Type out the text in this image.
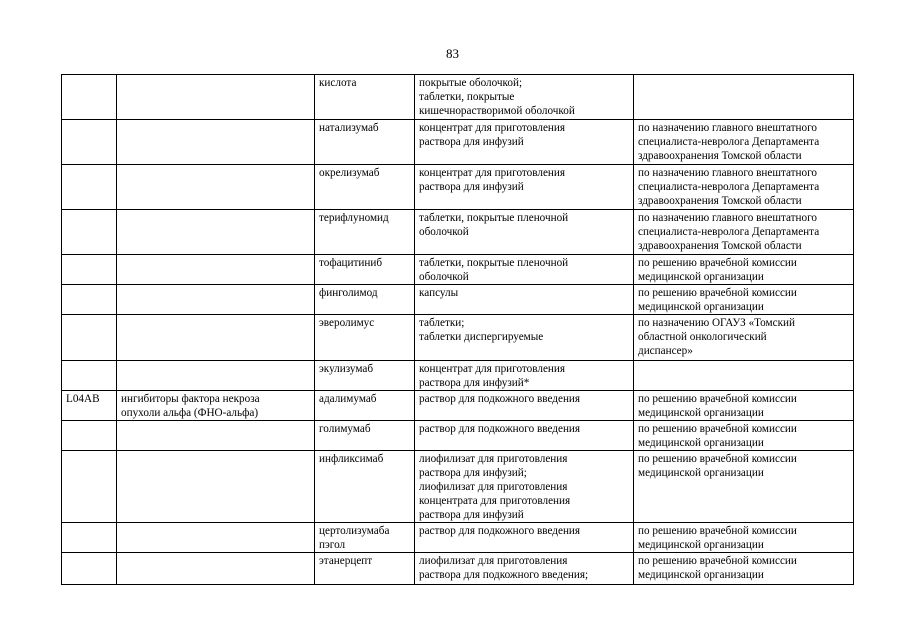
83

		кислота	покрытые оболочкой;
таблетки, покрытые
кишечнорастворимой оболочкой	

		натализумаб	концентрат для приготовления
раствора для инфузий	по назначению главного внештатного
специалиста-невролога Департамента
здравоохранения Томской области

		окрелизумаб	концентрат для приготовления
раствора для инфузий	по назначению главного внештатного
специалиста-невролога Департамента
здравоохранения Томской области

		терифлуномид	таблетки, покрытые пленочной
оболочкой	по назначению главного внештатного
специалиста-невролога Департамента
здравоохранения Томской области

		тофацитиниб	таблетки, покрытые пленочной
оболочкой	по решению врачебной комиссии
медицинской организации

		финголимод	капсулы	по решению врачебной комиссии
медицинской организации

		эверолимус	таблетки;
таблетки диспергируемые	по назначению ОГАУЗ «Томский
областной онкологический
диспансер»

		экулизумаб	концентрат для приготовления
раствора для инфузий*	

L04AB	ингибиторы фактора некроза
опухоли альфа (ФНО-альфа)	адалимумаб	раствор для подкожного введения	по решению врачебной комиссии
медицинской организации

		голимумаб	раствор для подкожного введения	по решению врачебной комиссии
медицинской организации

		инфликсимаб	лиофилизат для приготовления
раствора для инфузий;
лиофилизат для приготовления
концентрата для приготовления
раствора для инфузий	по решению врачебной комиссии
медицинской организации

		цертолизумаба
пэгол	раствор для подкожного введения	по решению врачебной комиссии
медицинской организации

		этанерцепт	лиофилизат для приготовления
раствора для подкожного введения;	по решению врачебной комиссии
медицинской организации
